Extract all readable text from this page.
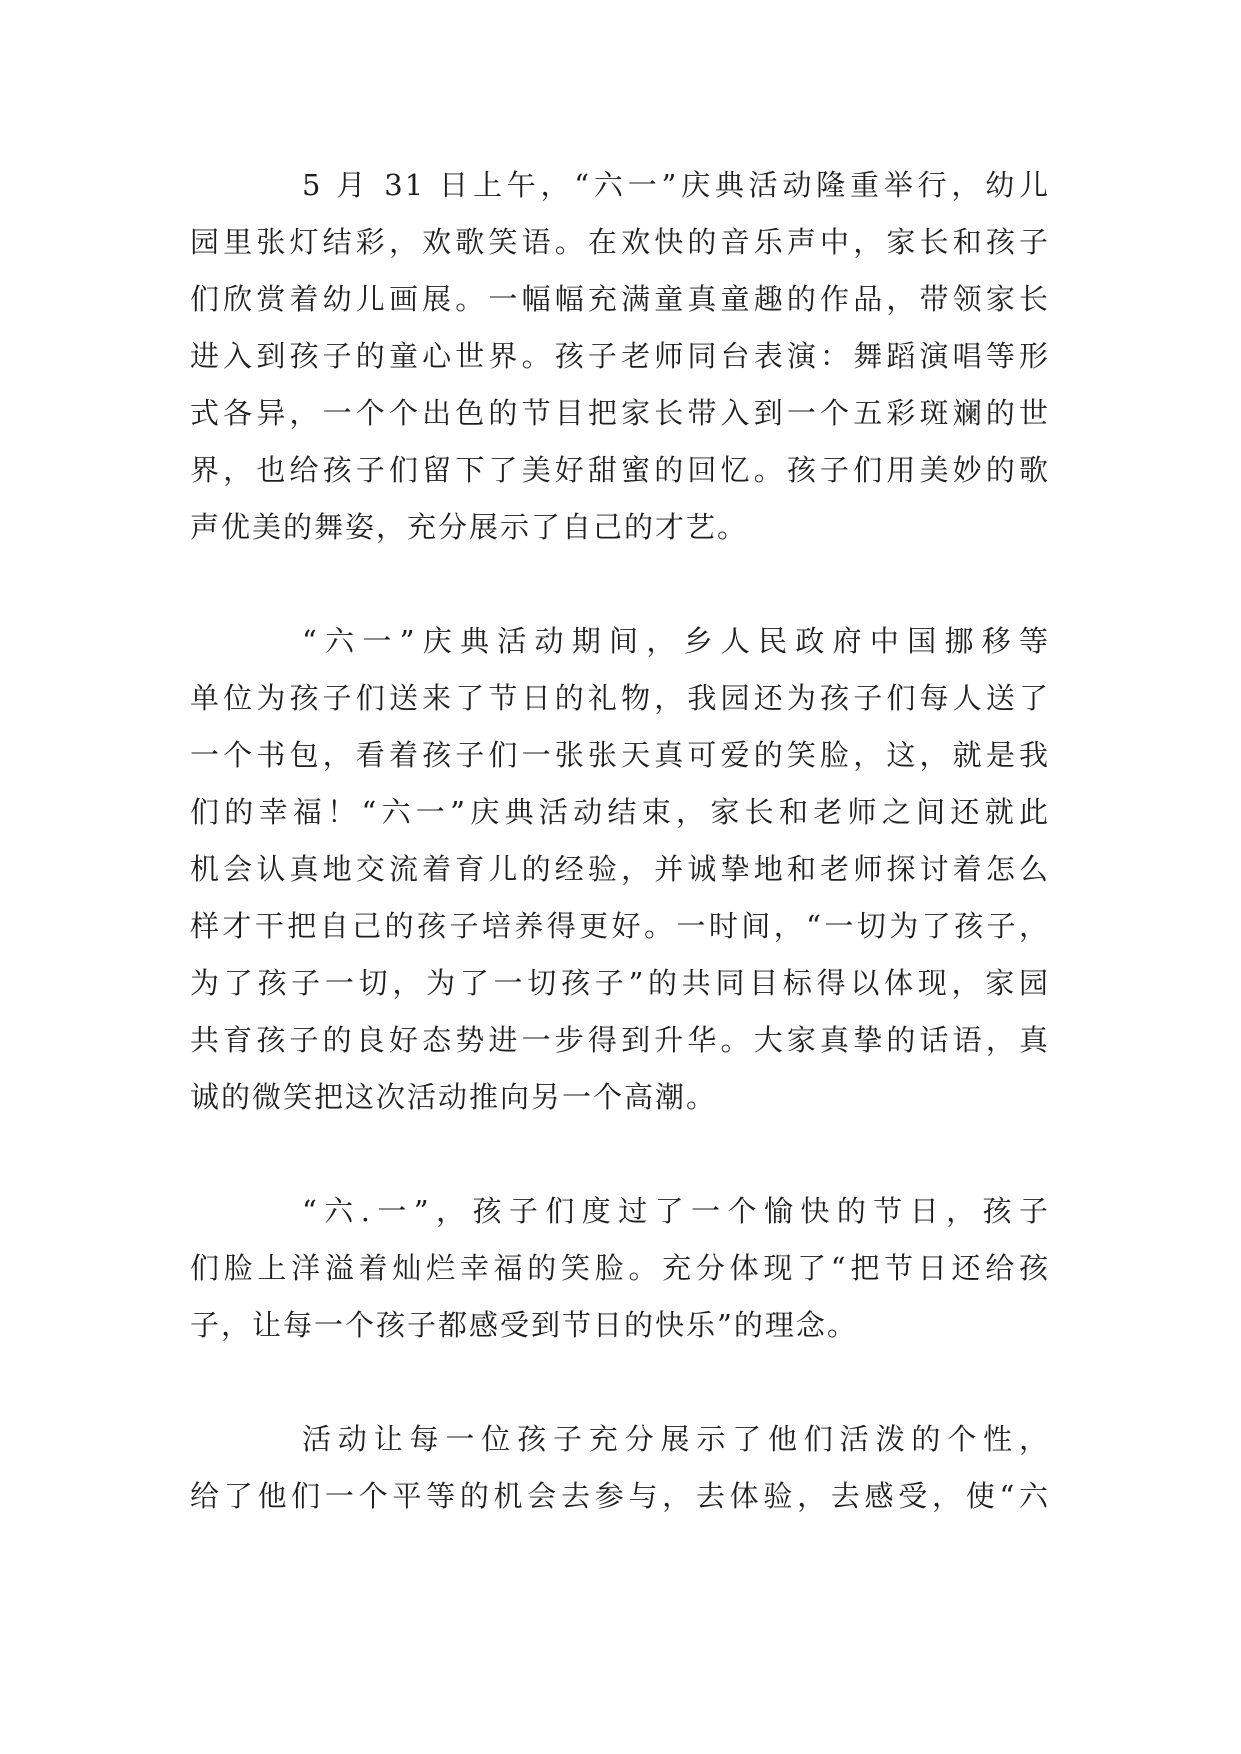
5 月 31 日上午，“六一”庆典活动隆重举行，幼儿
园里张灯结彩，欢歌笑语。在欢快的音乐声中，家长和孩子
们欣赏着幼儿画展。一幅幅充满童真童趣的作品，带领家长
进入到孩子的童心世界。孩子老师同台表演：舞蹈演唱等形
式各异，一个个出色的节目把家长带入到一个五彩斑斓的世
界，也给孩子们留下了美好甜蜜的回忆。孩子们用美妙的歌
声优美的舞姿，充分展示了自己的才艺。
“六一”庆典活动期间，乡人民政府中国挪移等
单位为孩子们送来了节日的礼物，我园还为孩子们每人送了
一个书包，看着孩子们一张张天真可爱的笑脸，这，就是我
们的幸福！“六一”庆典活动结束，家长和老师之间还就此
机会认真地交流着育儿的经验，并诚挚地和老师探讨着怎么
样才干把自己的孩子培养得更好。一时间，“一切为了孩子，
为了孩子一切，为了一切孩子”的共同目标得以体现，家园
共育孩子的良好态势进一步得到升华。大家真挚的话语，真
诚的微笑把这次活动推向另一个高潮。
“六.一”，孩子们度过了一个愉快的节日，孩子
们脸上洋溢着灿烂幸福的笑脸。充分体现了“把节日还给孩
子，让每一个孩子都感受到节日的快乐”的理念。
活动让每一位孩子充分展示了他们活泼的个性，
给了他们一个平等的机会去参与，去体验，去感受，使“六
